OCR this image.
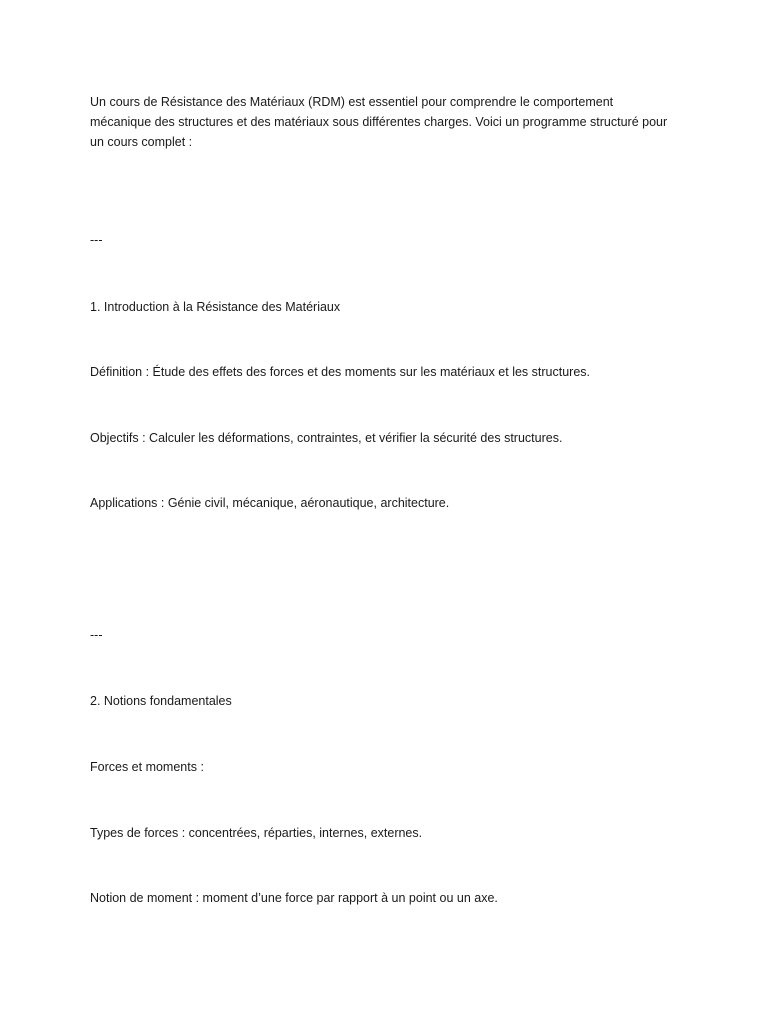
Un cours de Résistance des Matériaux (RDM) est essentiel pour comprendre le comportement
mécanique des structures et des matériaux sous différentes charges. Voici un programme structuré pour
un cours complet :

---

1. Introduction à la Résistance des Matériaux

Définition : Étude des effets des forces et des moments sur les matériaux et les structures.

Objectifs : Calculer les déformations, contraintes, et vérifier la sécurité des structures.

Applications : Génie civil, mécanique, aéronautique, architecture.

---

2. Notions fondamentales

Forces et moments :

Types de forces : concentrées, réparties, internes, externes.

Notion de moment : moment d’une force par rapport à un point ou un axe.
